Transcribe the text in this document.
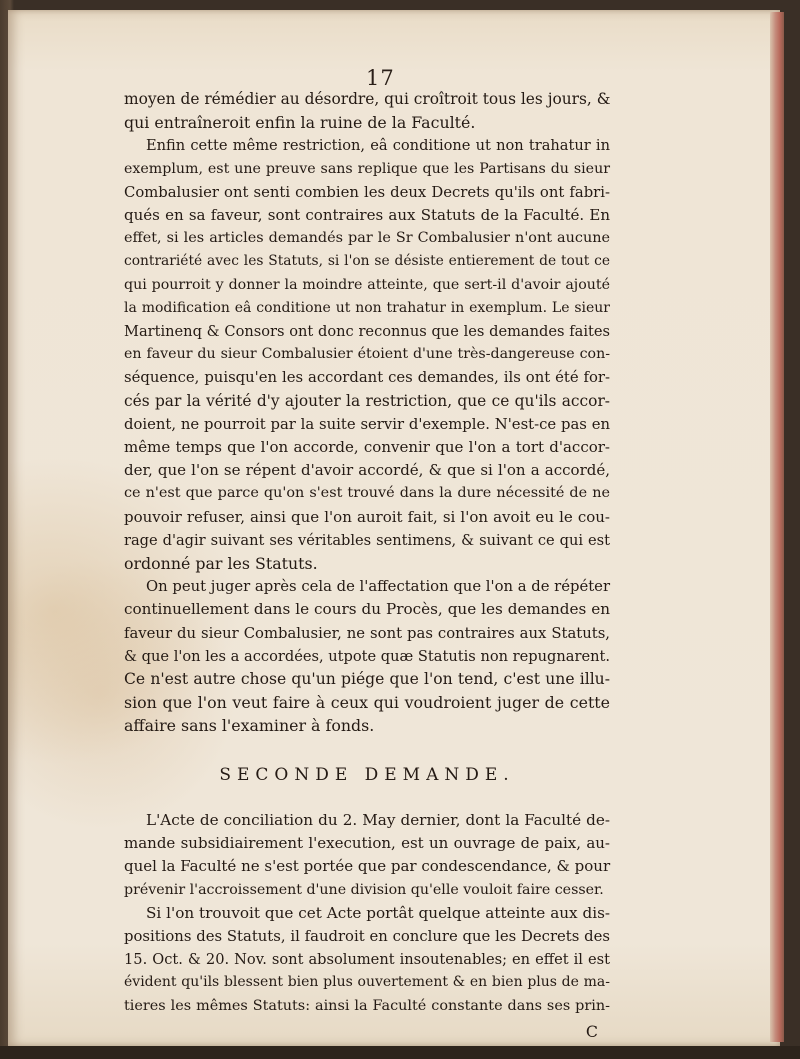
17
moyen de rémédier au désordre, qui croîtroit tous les jours, &
qui entraîneroit enfin la ruine de la Faculté.
Enfin cette même restriction, eâ conditione ut non trahatur in
exemplum, est une preuve sans replique que les Partisans du sieur
Combalusier ont senti combien les deux Decrets qu'ils ont fabri-
qués en sa faveur, sont contraires aux Statuts de la Faculté. En
effet, si les articles demandés par le Sr Combalusier n'ont aucune
contrariété avec les Statuts, si l'on se désiste entierement de tout ce
qui pourroit y donner la moindre atteinte, que sert-il d'avoir ajouté
la modification eâ conditione ut non trahatur in exemplum. Le sieur
Martinenq & Consors ont donc reconnus que les demandes faites
en faveur du sieur Combalusier étoient d'une très-dangereuse con-
séquence, puisqu'en les accordant ces demandes, ils ont été for-
cés par la vérité d'y ajouter la restriction, que ce qu'ils accor-
doient, ne pourroit par la suite servir d'exemple. N'est-ce pas en
même temps que l'on accorde, convenir que l'on a tort d'accor-
der, que l'on se répent d'avoir accordé, & que si l'on a accordé,
ce n'est que parce qu'on s'est trouvé dans la dure nécessité de ne
pouvoir refuser, ainsi que l'on auroit fait, si l'on avoit eu le cou-
rage d'agir suivant ses véritables sentimens, & suivant ce qui est
ordonné par les Statuts.
On peut juger après cela de l'affectation que l'on a de répéter
continuellement dans le cours du Procès, que les demandes en
faveur du sieur Combalusier, ne sont pas contraires aux Statuts,
& que l'on les a accordées, utpote quæ Statutis non repugnarent.
Ce n'est autre chose qu'un piége que l'on tend, c'est une illu-
sion que l'on veut faire à ceux qui voudroient juger de cette
affaire sans l'examiner à fonds.
SECONDE DEMANDE.
L'Acte de conciliation du 2. May dernier, dont la Faculté de-
mande subsidiairement l'execution, est un ouvrage de paix, au-
quel la Faculté ne s'est portée que par condescendance, & pour
prévenir l'accroissement d'une division qu'elle vouloit faire cesser.
Si l'on trouvoit que cet Acte portât quelque atteinte aux dis-
positions des Statuts, il faudroit en conclure que les Decrets des
15. Oct. & 20. Nov. sont absolument insoutenables; en effet il est
évident qu'ils blessent bien plus ouvertement & en bien plus de ma-
tieres les mêmes Statuts: ainsi la Faculté constante dans ses prin-
C
